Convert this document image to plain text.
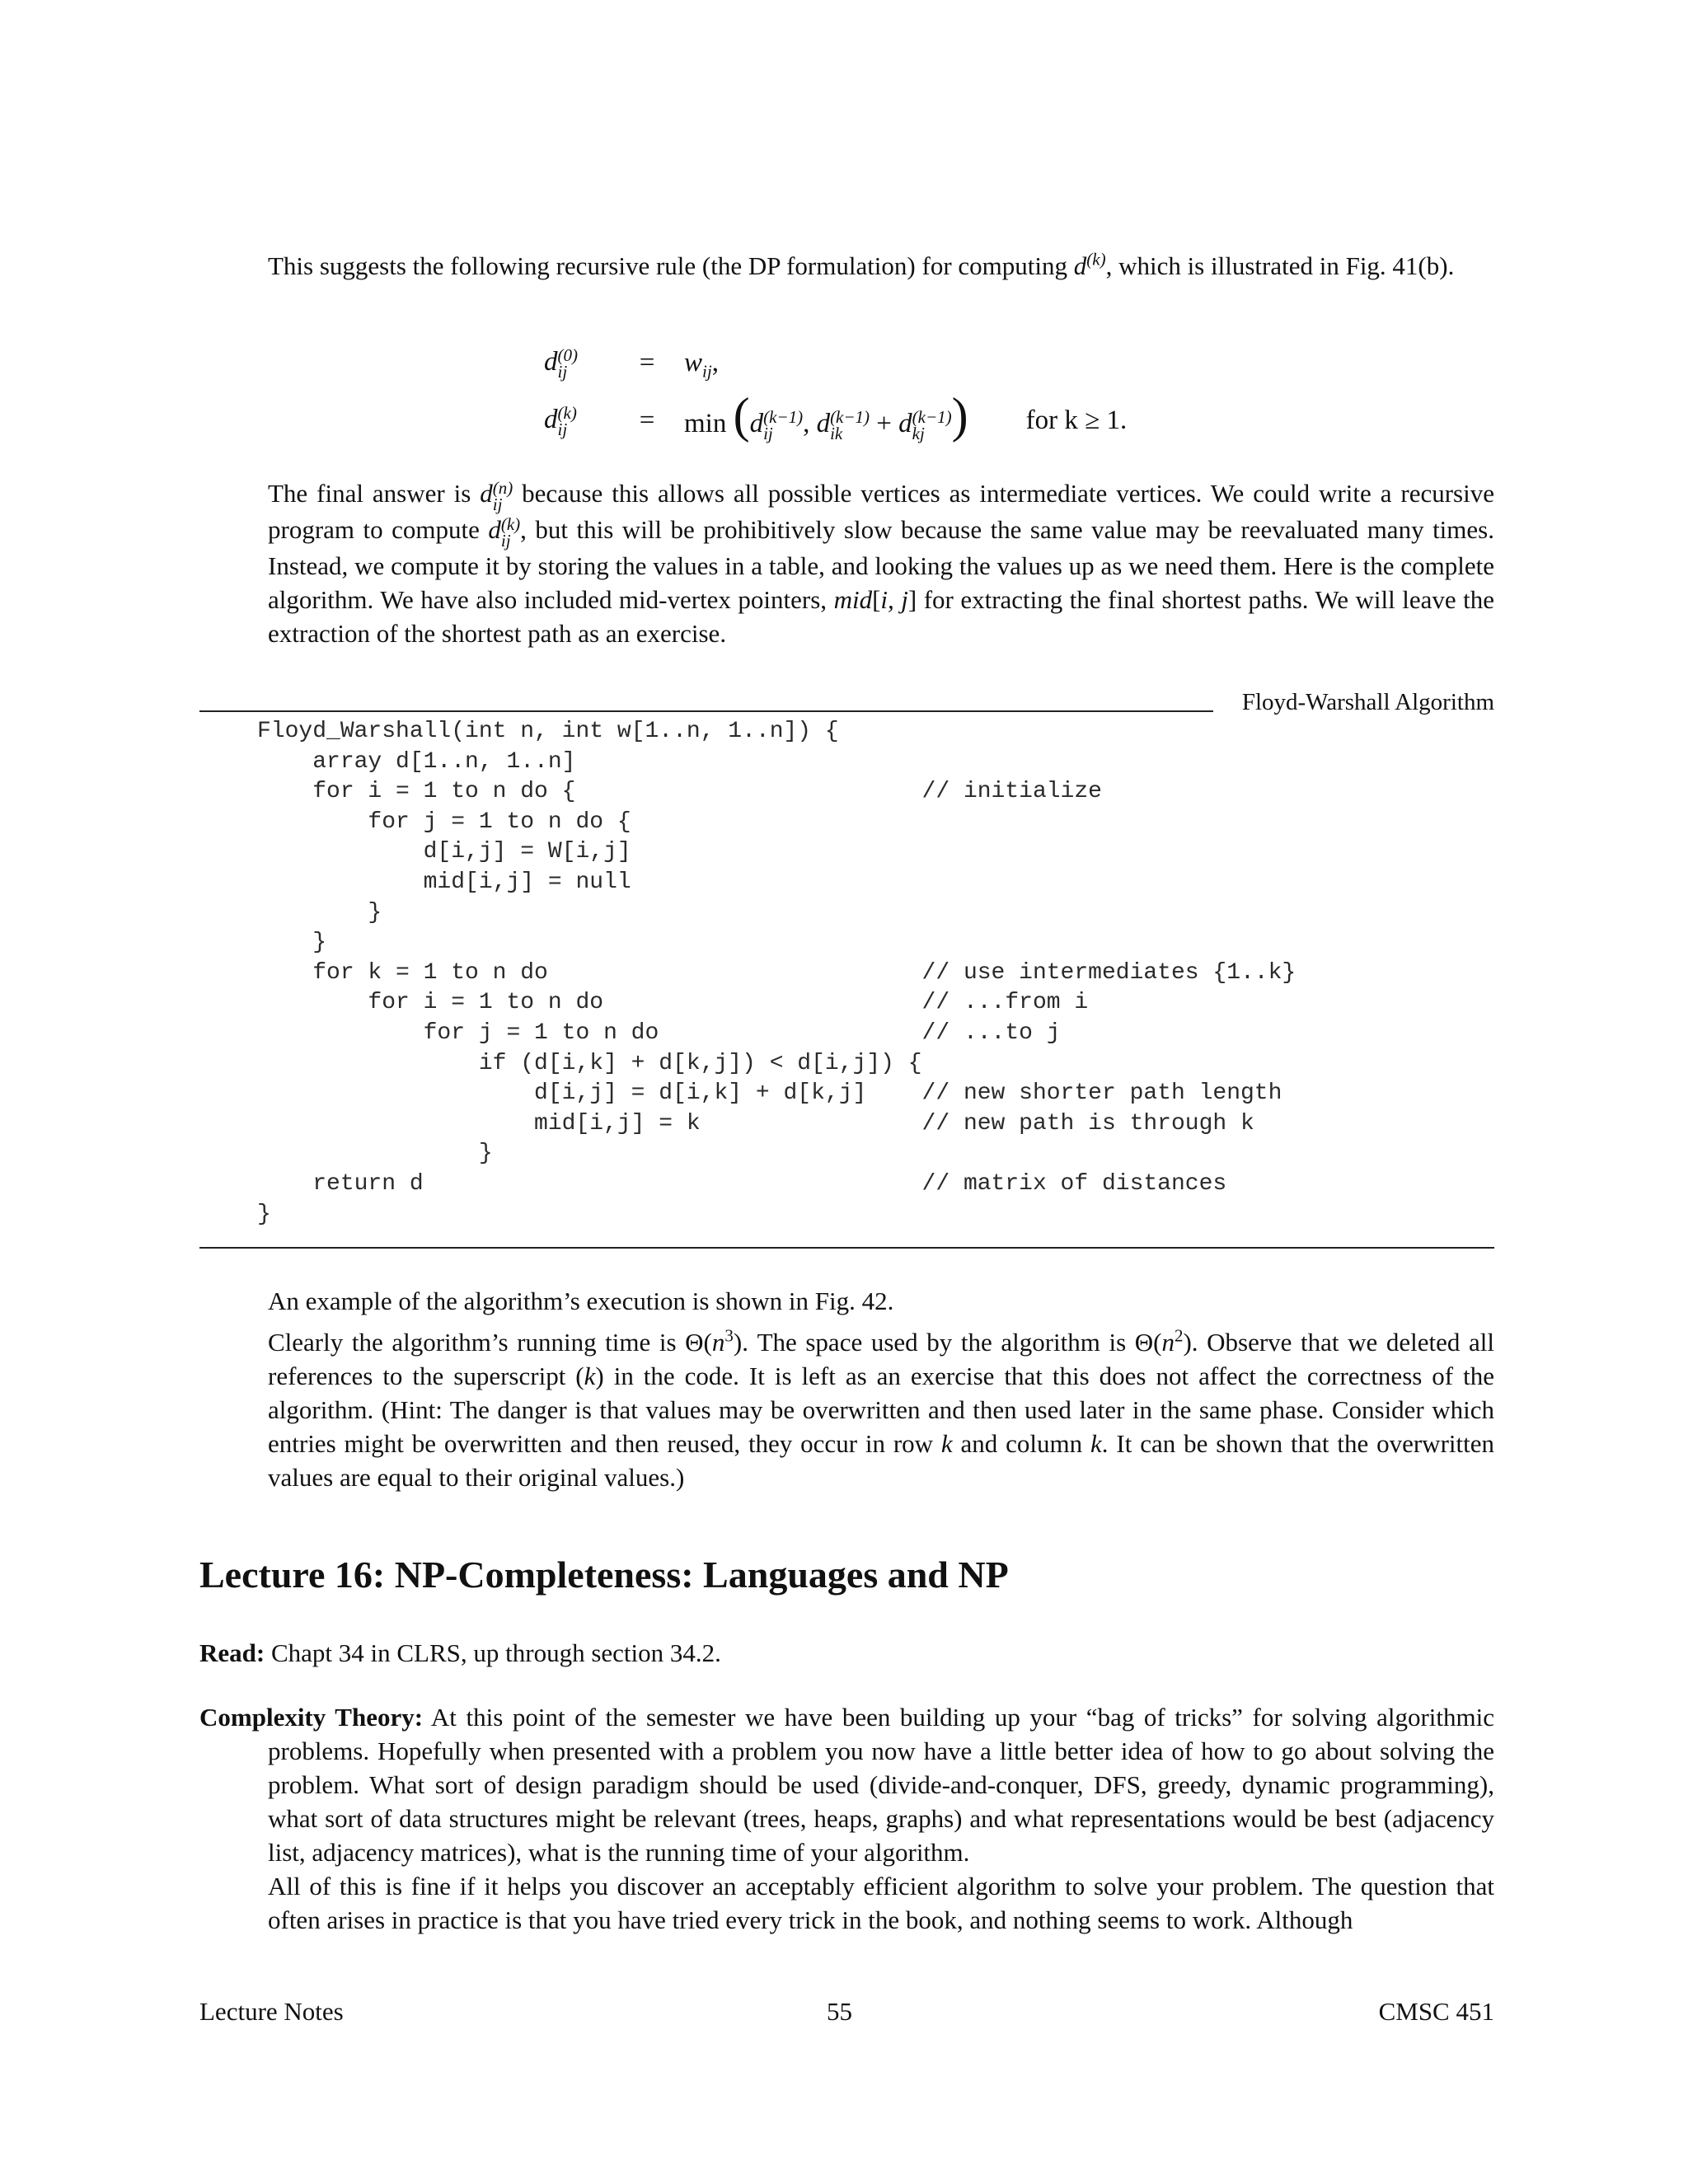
This suggests the following recursive rule (the DP formulation) for computing $d^{(k)}$, which is illustrated in Fig. 41(b).

d (0)
ij	=	$w_{ij}$,
d (k)
ij	=	min (d (k−1)
ij	, d (k−1)
ik + d (k−1)
kj ) for k ≥ 1.

The final answer is d (n)
ij because this allows all possible vertices as intermediate vertices. We could write a recursive program to compute d (k)
ij , but this will be prohibitively slow because the same value may be reevaluated many times. Instead, we compute it by storing the values in a table, and looking the values up as we need them. Here is the complete algorithm. We have also included mid-vertex pointers, mid[i, j] for extracting the final shortest paths. We will leave the extraction of the shortest path as an exercise.

Floyd-Warshall Algorithm
Floyd_Warshall(int n, int w[1..n, 1..n]) {
array d[1..n, 1..n]
for i = 1 to n do {                         // initialize
for j = 1 to n do {
d[i,j] = W[i,j]
mid[i,j] = null
}
}
for k = 1 to n do                           // use intermediates {1..k}
for i = 1 to n do                       // ...from i
for j = 1 to n do                   // ...to j
if (d[i,k] + d[k,j]) < d[i,j]) {
d[i,j] = d[i,k] + d[k,j]    // new shorter path length
mid[i,j] = k                // new path is through k
}
return d                                    // matrix of distances
}

An example of the algorithm’s execution is shown in Fig. 42.

Clearly the algorithm’s running time is $\Theta(n^3)$. The space used by the algorithm is $\Theta(n^2)$. Observe that we deleted all references to the superscript (k) in the code. It is left as an exercise that this does not affect the correctness of the algorithm. (Hint: The danger is that values may be overwritten and then used later in the same phase. Consider which entries might be overwritten and then reused, they occur in row k and column k. It can be shown that the overwritten values are equal to their original values.)

Lecture 16: NP-Completeness: Languages and NP

Read: Chapt 34 in CLRS, up through section 34.2.

Complexity Theory: At this point of the semester we have been building up your “bag of tricks” for solving algorithmic problems. Hopefully when presented with a problem you now have a little better idea of how to go about solving the problem. What sort of design paradigm should be used (divide-and-conquer, DFS, greedy, dynamic programming), what sort of data structures might be relevant (trees, heaps, graphs) and what representations would be best (adjacency list, adjacency matrices), what is the running time of your algorithm.

All of this is fine if it helps you discover an acceptably efficient algorithm to solve your problem. The question that often arises in practice is that you have tried every trick in the book, and nothing seems to work. Although

Lecture Notes	55	CMSC 451
